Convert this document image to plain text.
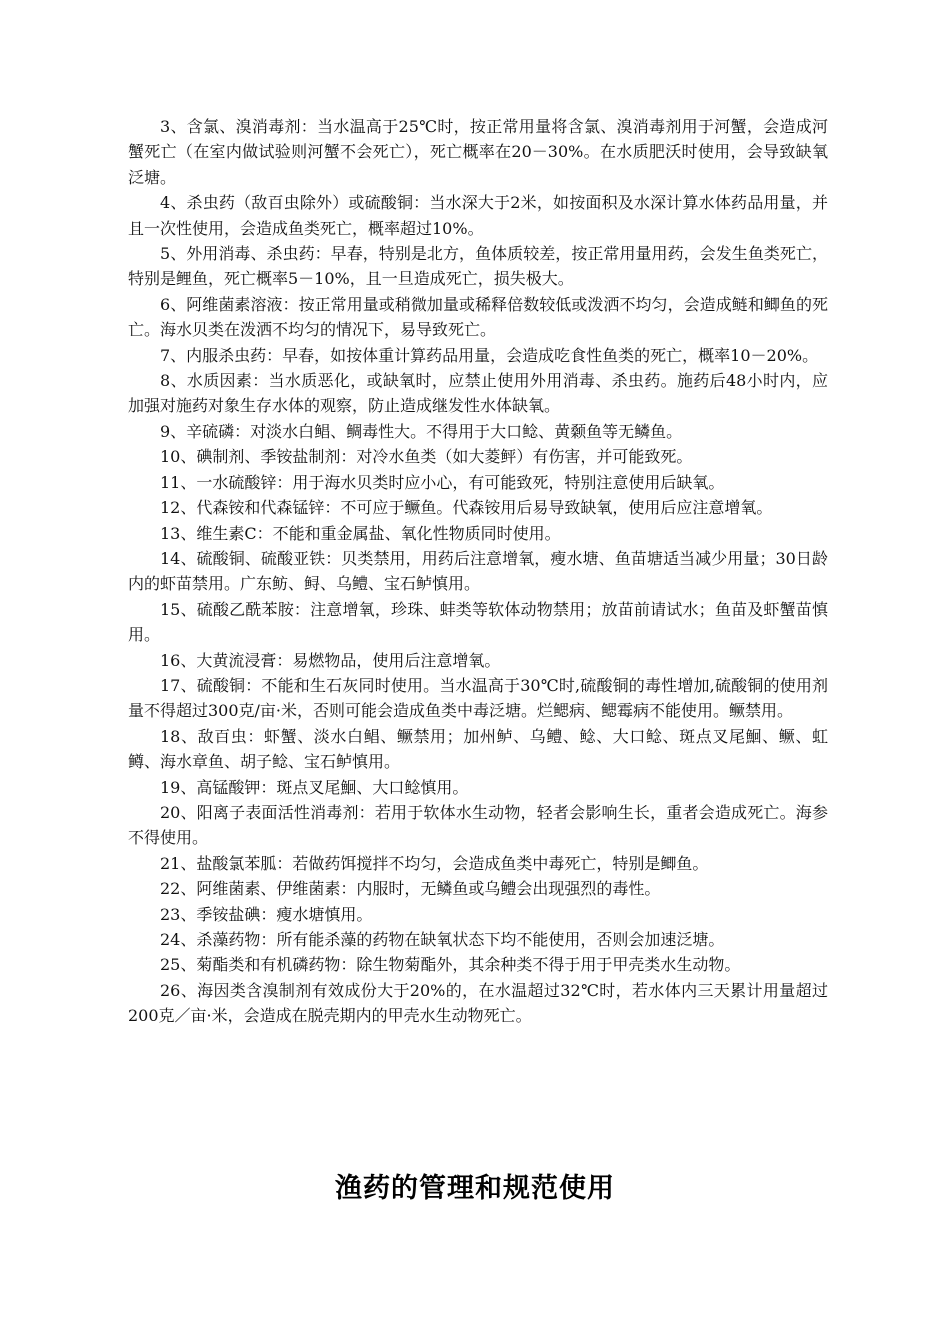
3、含氯、溴消毒剂：当水温高于25℃时，按正常用量将含氯、溴消毒剂用于河蟹，会造成河蟹死亡（在室内做试验则河蟹不会死亡），死亡概率在20－30%。在水质肥沃时使用，会导致缺氧泛塘。

4、杀虫药（敌百虫除外）或硫酸铜：当水深大于2米，如按面积及水深计算水体药品用量，并且一次性使用，会造成鱼类死亡，概率超过10%。

5、外用消毒、杀虫药：早春，特别是北方，鱼体质较差，按正常用量用药，会发生鱼类死亡，特别是鲤鱼，死亡概率5－10%，且一旦造成死亡，损失极大。

6、阿维菌素溶液：按正常用量或稍微加量或稀释倍数较低或泼洒不均匀，会造成鲢和鲫鱼的死亡。海水贝类在泼洒不均匀的情况下，易导致死亡。

7、内服杀虫药：早春，如按体重计算药品用量，会造成吃食性鱼类的死亡，概率10－20%。

8、水质因素：当水质恶化，或缺氧时，应禁止使用外用消毒、杀虫药。施药后48小时内，应加强对施药对象生存水体的观察，防止造成继发性水体缺氧。

9、辛硫磷：对淡水白鲳、鲷毒性大。不得用于大口鲶、黄颡鱼等无鳞鱼。

10、碘制剂、季铵盐制剂：对冷水鱼类（如大菱鲆）有伤害，并可能致死。

11、一水硫酸锌：用于海水贝类时应小心，有可能致死，特别注意使用后缺氧。

12、代森铵和代森锰锌：不可应于鳜鱼。代森铵用后易导致缺氧，使用后应注意增氧。

13、维生素C：不能和重金属盐、氧化性物质同时使用。

14、硫酸铜、硫酸亚铁：贝类禁用，用药后注意增氧，瘦水塘、鱼苗塘适当减少用量；30日龄内的虾苗禁用。广东鲂、鲟、乌鳢、宝石鲈慎用。

15、硫酸乙酰苯胺：注意增氧，珍珠、蚌类等软体动物禁用；放苗前请试水；鱼苗及虾蟹苗慎用。

16、大黄流浸膏：易燃物品，使用后注意增氧。

17、硫酸铜：不能和生石灰同时使用。当水温高于30℃时,硫酸铜的毒性增加,硫酸铜的使用剂量不得超过300克/亩·米，否则可能会造成鱼类中毒泛塘。烂鳃病、鳃霉病不能使用。鳜禁用。

18、敌百虫：虾蟹、淡水白鲳、鳜禁用；加州鲈、乌鳢、鲶、大口鲶、斑点叉尾鮰、鳜、虹鳟、海水章鱼、胡子鲶、宝石鲈慎用。

19、高锰酸钾：斑点叉尾鮰、大口鲶慎用。

20、阳离子表面活性消毒剂：若用于软体水生动物，轻者会影响生长，重者会造成死亡。海参不得使用。

21、盐酸氯苯胍：若做药饵搅拌不均匀，会造成鱼类中毒死亡，特别是鲫鱼。

22、阿维菌素、伊维菌素：内服时，无鳞鱼或乌鳢会出现强烈的毒性。

23、季铵盐碘：瘦水塘慎用。

24、杀藻药物：所有能杀藻的药物在缺氧状态下均不能使用，否则会加速泛塘。

25、菊酯类和有机磷药物：除生物菊酯外，其余种类不得于用于甲壳类水生动物。

26、海因类含溴制剂有效成份大于20%的，在水温超过32℃时，若水体内三天累计用量超过200克／亩·米，会造成在脱壳期内的甲壳水生动物死亡。

渔药的管理和规范使用
